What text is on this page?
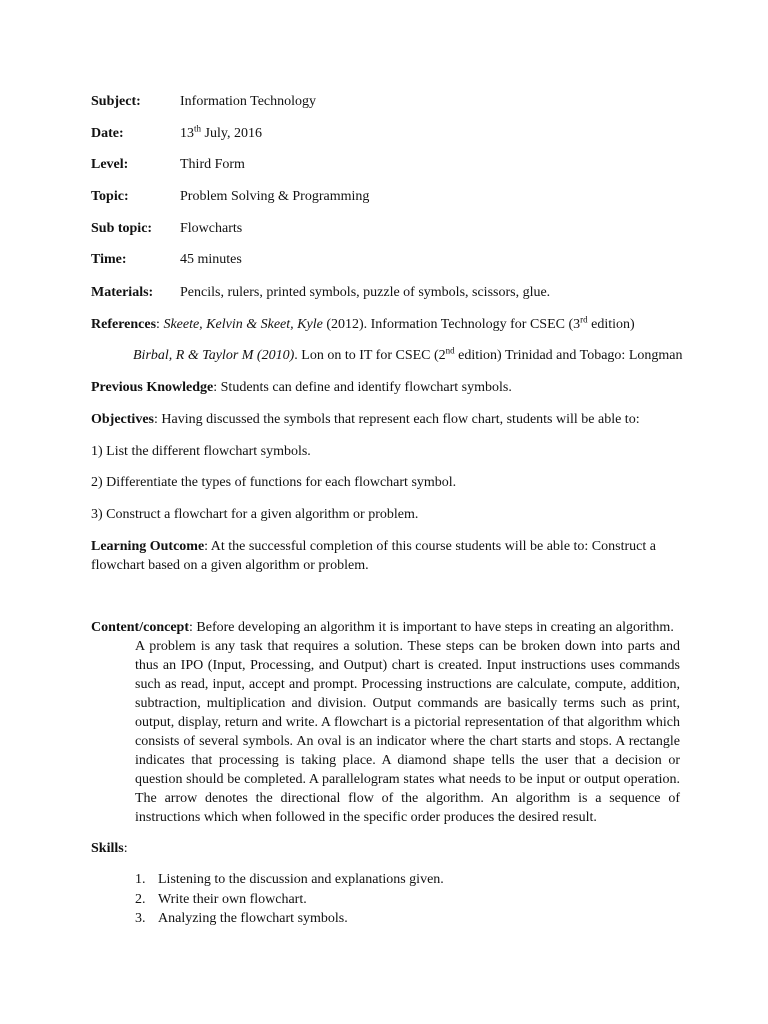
Subject:	Information Technology
Date:	13th July, 2016
Level:	Third Form
Topic:	Problem Solving & Programming
Sub topic: Flowcharts
Time:	45 minutes
Materials: Pencils, rulers, printed symbols, puzzle of symbols, scissors, glue.
References: Skeete, Kelvin & Skeet, Kyle (2012). Information Technology for CSEC (3rd edition)
Birbal, R & Taylor M (2010). Lon on to IT for CSEC (2nd edition) Trinidad and Tobago: Longman
Previous Knowledge: Students can define and identify flowchart symbols.
Objectives: Having discussed the symbols that represent each flow chart, students will be able to:
1) List the different flowchart symbols.
2) Differentiate the types of functions for each flowchart symbol.
3) Construct a flowchart for a given algorithm or problem.
Learning Outcome: At the successful completion of this course students will be able to: Construct a
flowchart based on a given algorithm or problem.
Content/concept: Before developing an algorithm it is important to have steps in creating an algorithm.
A problem is any task that requires a solution. These steps can be broken down into parts and thus an IPO (Input, Processing, and Output) chart is created. Input instructions uses commands such as read, input, accept and prompt. Processing instructions are calculate, compute, addition, subtraction, multiplication and division. Output commands are basically terms such as print, output, display, return and write. A flowchart is a pictorial representation of that algorithm which consists of several symbols. An oval is an indicator where the chart starts and stops. A rectangle indicates that processing is taking place. A diamond shape tells the user that a decision or question should be completed. A parallelogram states what needs to be input or output operation. The arrow denotes the directional flow of the algorithm. An algorithm is a sequence of instructions which when followed in the specific order produces the desired result.
Skills:
1. Listening to the discussion and explanations given.
2. Write their own flowchart.
3. Analyzing the flowchart symbols.
